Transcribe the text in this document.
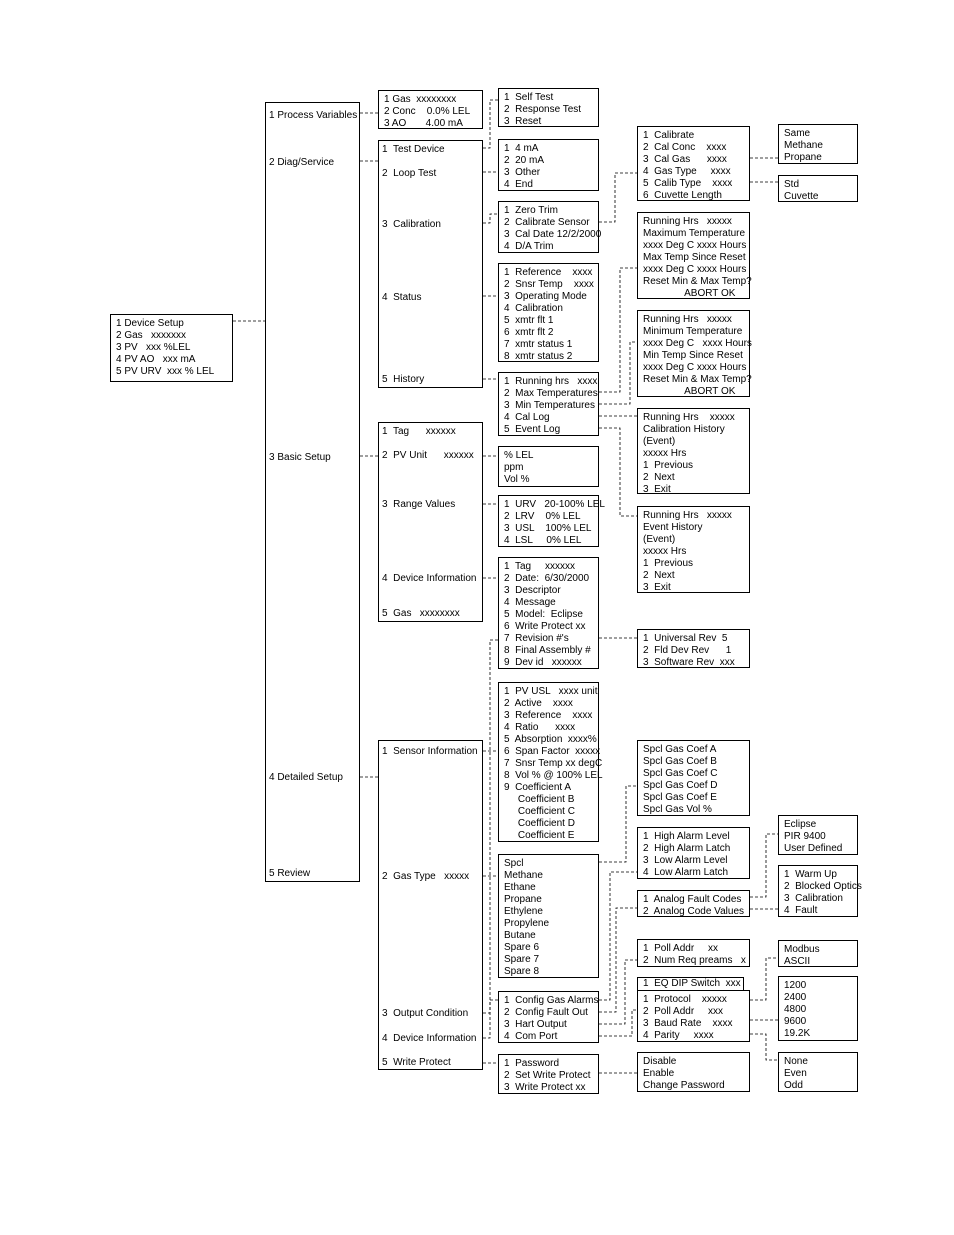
1 Device Setup
2 Gas   xxxxxxx
3 PV   xxx %LEL
4 PV AO   xxx mA
5 PV URV  xxx % LEL
1 Process Variables
2 Diag/Service
3 Basic Setup
4 Detailed Setup
5 Review
1 Gas  xxxxxxxx
2 Conc    0.0% LEL
3 AO       4.00 mA
1  Test Device
2  Loop Test
3  Calibration
4  Status
5  History
1  Self Test
2  Response Test
3  Reset
1  4 mA
2  20 mA
3  Other
4  End
1  Zero Trim
2  Calibrate Sensor
3  Cal Date 12/2/2000
4  D/A Trim
1  Calibrate
2  Cal Conc    xxxx
3  Cal Gas      xxxx
4  Gas Type     xxxx
5  Calib Type    xxxx
6  Cuvette Length
Same
Methane
Propane
Std
Cuvette
1  Reference    xxxx
2  Snsr Temp    xxxx
3  Operating Mode
4  Calibration
5  xmtr flt 1
6  xmtr flt 2
7  xmtr status 1
8  xmtr status 2
Running Hrs   xxxxx
Maximum Temperature
xxxx Deg C xxxx Hours
Max Temp Since Reset
xxxx Deg C xxxx Hours
Reset Min & Max Temp?
ABORT OK
Running Hrs   xxxxx
Minimum Temperature
xxxx Deg C   xxxx Hours
Min Temp Since Reset
xxxx Deg C xxxx Hours
Reset Min & Max Temp?
ABORT OK
1  Running hrs   xxxx
2  Max Temperatures
3  Min Temperatures
4  Cal Log
5  Event Log
Running Hrs    xxxxx
Calibration History
(Event)
xxxxx Hrs
1  Previous
2  Next
3  Exit
Running Hrs   xxxxx
Event History
(Event)
xxxxx Hrs
1  Previous
2  Next
3  Exit
1  Tag      xxxxxx
2  PV Unit      xxxxxx
3  Range Values
4  Device Information
5  Gas   xxxxxxxx
% LEL
ppm
Vol %
1  URV   20-100% LEL
2  LRV    0% LEL
3  USL    100% LEL
4  LSL     0% LEL
1  Tag     xxxxxx
2  Date:  6/30/2000
3  Descriptor
4  Message
5  Model:  Eclipse
6  Write Protect xx
7  Revision #'s
8  Final Assembly #
9  Dev id   xxxxxx
1  Universal Rev  5
2  Fld Dev Rev      1
3  Software Rev  xxx
1  Sensor Information
2  Gas Type   xxxxx
3  Output Condition
4  Device Information
5  Write Protect
1  PV USL   xxxx unit
2  Active    xxxx
3  Reference    xxxx
4  Ratio      xxxx
5  Absorption  xxxx%
6  Span Factor  xxxxx
7  Snsr Temp xx degC
8  Vol % @ 100% LEL
9  Coefficient A
Coefficient B
Coefficient C
Coefficient D
Coefficient E
Spcl Gas Coef A
Spcl Gas Coef B
Spcl Gas Coef C
Spcl Gas Coef D
Spcl Gas Coef E
Spcl Gas Vol %
Spcl
Methane
Ethane
Propane
Ethylene
Propylene
Butane
Spare 6
Spare 7
Spare 8
1  High Alarm Level
2  High Alarm Latch
3  Low Alarm Level
4  Low Alarm Latch
1  Analog Fault Codes
2  Analog Code Values
Eclipse
PIR 9400
User Defined
1  Warm Up
2  Blocked Optics
3  Calibration
4  Fault
1  Config Gas Alarms
2  Config Fault Out
3  Hart Output
4  Com Port
1  Poll Addr     xx
2  Num Req preams   x
Modbus
ASCII
1  EQ DIP Switch  xxx
1  Protocol    xxxxx
2  Poll Addr     xxx
3  Baud Rate    xxxx
4  Parity     xxxx
1200
2400
4800
9600
19.2K
None
Even
Odd
1  Password
2  Set Write Protect
3  Write Protect xx
Disable
Enable
Change Password
